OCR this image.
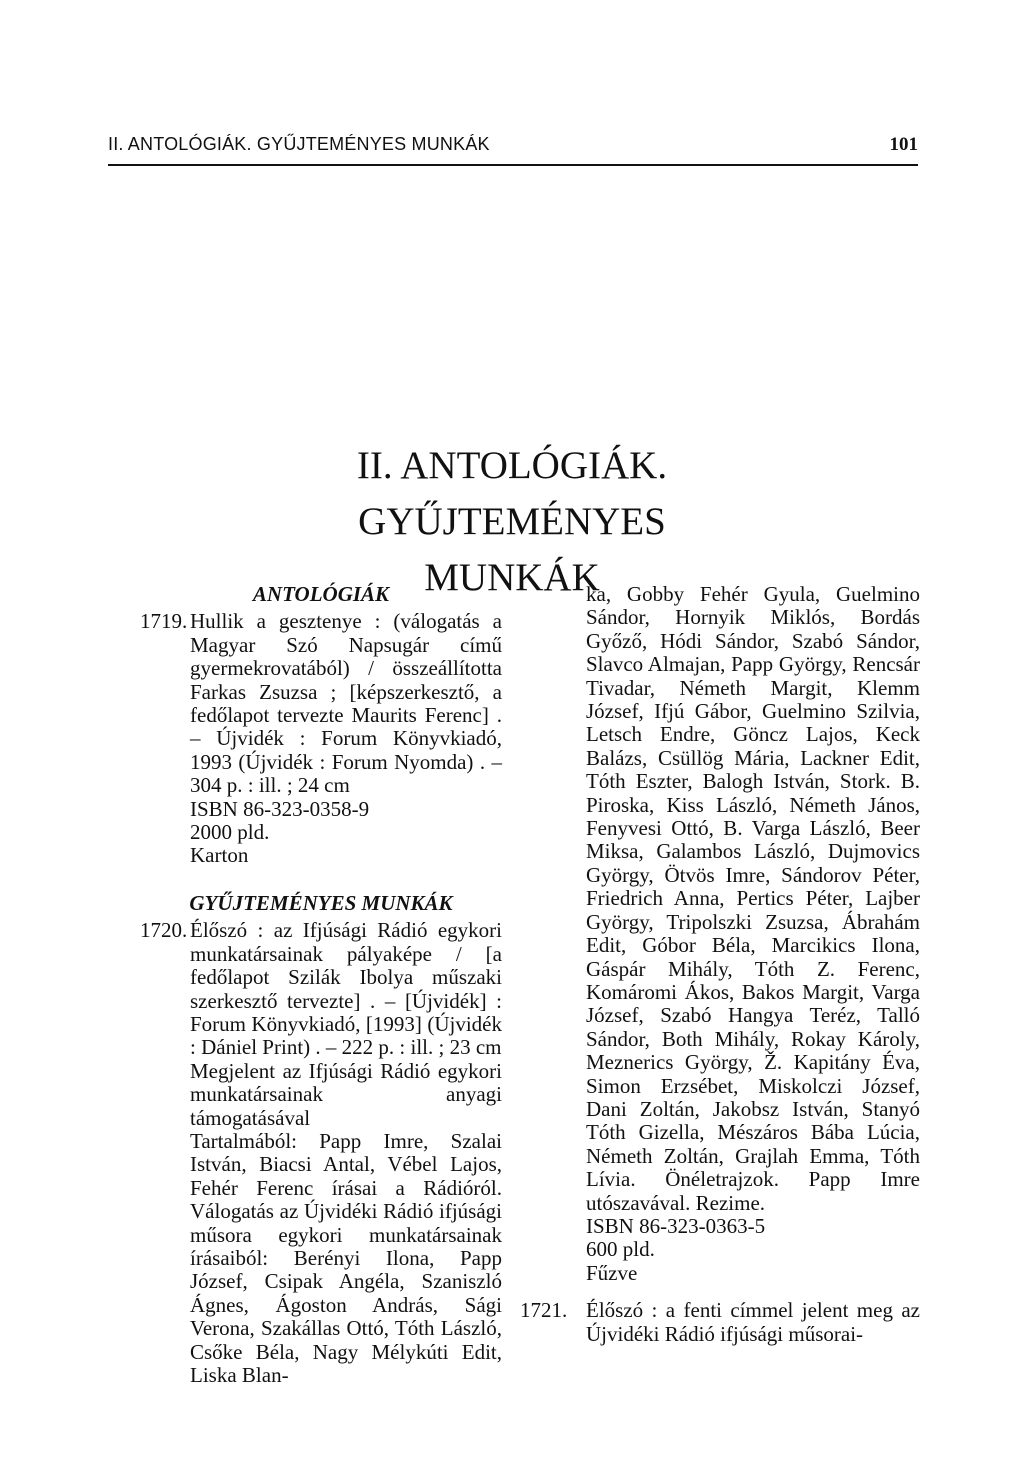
II. ANTOLÓGIÁK. GYŰJTEMÉNYES MUNKÁK	101
II. ANTOLÓGIÁK. GYŰJTEMÉNYES
MUNKÁK
ANTOLÓGIÁK
1719. Hullik a gesztenye : (válogatás a Magyar Szó Napsugár című gyermekrovatából) / összeállította Farkas Zsuzsa ; [képszerkesztő, a fedőlapot tervezte Maurits Ferenc] . – Újvidék : Forum Könyvkiadó, 1993 (Újvidék : Forum Nyomda) . – 304 p. : ill. ; 24 cm

ISBN 86-323-0358-9

2000 pld.

Karton

GYŰJTEMÉNYES MUNKÁK
1720. Élőszó : az Ifjúsági Rádió egykori munkatársainak pályaképe / [a fedőlapot Szilák Ibolya műszaki szerkesztő tervezte] . – [Újvidék] : Forum Könyvkiadó, [1993] (Újvidék : Dániel Print) . – 222 p. : ill. ; 23 cm

Megjelent az Ifjúsági Rádió egykori munkatársainak anyagi támogatásával

Tartalmából: Papp Imre, Szalai István, Biacsi Antal, Vébel Lajos, Fehér Ferenc írásai a Rádióról. Válogatás az Újvidéki Rádió ifjúsági műsora egykori munkatársainak írásaiból: Berényi Ilona, Papp József, Csipak Angéla, Szaniszló Ágnes, Ágoston András, Sági Verona, Szakállas Ottó, Tóth László, Csőke Béla, Nagy Mélykúti Edit, Liska Blan-

ka, Gobby Fehér Gyula, Guelmino Sándor, Hornyik Miklós, Bordás Győző, Hódi Sándor, Szabó Sándor, Slavco Almajan, Papp György, Rencsár Tivadar, Németh Margit, Klemm József, Ifjú Gábor, Guelmino Szilvia, Letsch Endre, Göncz Lajos, Keck Balázs, Csüllög Mária, Lackner Edit, Tóth Eszter, Balogh István, Stork. B. Piroska, Kiss László, Németh János, Fenyvesi Ottó, B. Varga László, Beer Miksa, Galambos László, Dujmovics György, Ötvös Imre, Sándorov Péter, Friedrich Anna, Pertics Péter, Lajber György, Tripolszki Zsuzsa, Ábrahám Edit, Góbor Béla, Marcikics Ilona, Gáspár Mihály, Tóth Z. Ferenc, Komáromi Ákos, Bakos Margit, Varga József, Szabó Hangya Teréz, Talló Sándor, Both Mihály, Rokay Károly, Meznerics György, Ž. Kapitány Éva, Simon Erzsébet, Miskolczi József, Dani Zoltán, Jakobsz István, Stanyó Tóth Gizella, Mészáros Bába Lúcia, Németh Zoltán, Grajlah Emma, Tóth Lívia. Önéletrajzok. Papp Imre utószavával. Rezime.

ISBN 86-323-0363-5

600 pld.

Fűzve

1721. Élőszó : a fenti címmel jelent meg az Újvidéki Rádió ifjúsági műsorai-
